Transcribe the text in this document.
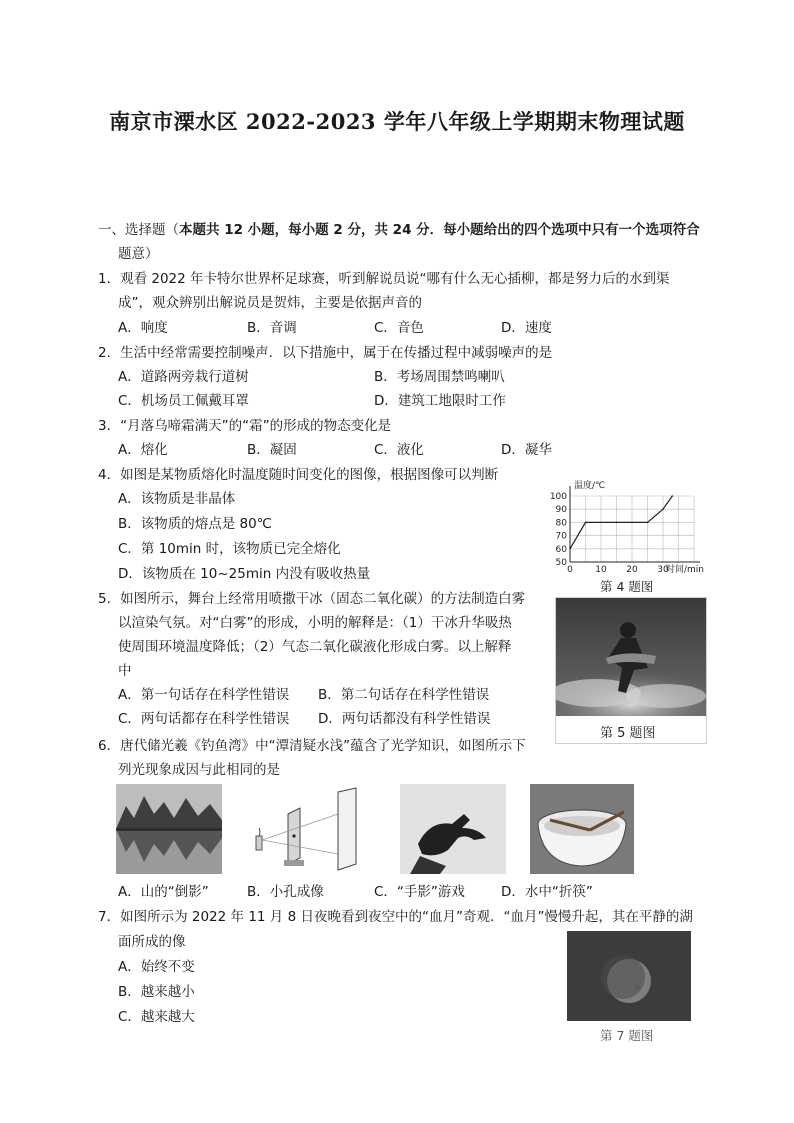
南京市溧水区 2022-2023 学年八年级上学期期末物理试题
一、选择题（本题共 12 小题，每小题 2 分，共 24 分．每小题给出的四个选项中只有一个选项符合
题意）
1．观看 2022 年卡特尔世界杯足球赛，听到解说员说“哪有什么无心插柳，都是努力后的水到渠
成”，观众辨别出解说员是贺炜，主要是依据声音的
A．响度	B．音调	C．音色	D．速度
2．生活中经常需要控制噪声．以下措施中，属于在传播过程中减弱噪声的是
A．道路两旁栽行道树	B．考场周围禁鸣喇叭
C．机场员工佩戴耳罩	D．建筑工地限时工作
3．“月落乌啼霜满天”的“霜”的形成的物态变化是
A．熔化	B．凝固	C．液化	D．凝华
4．如图是某物质熔化时温度随时间变化的图像，根据图像可以判断
A．该物质是非晶体
B．该物质的熔点是 80℃
C．第 10min 时，该物质已完全熔化
D．该物质在 10~25min 内没有吸收热量
50
60
70
80
90
100
0 10 20 30
温度/℃
时间/min
第 4 题图
5．如图所示，舞台上经常用喷撒干冰（固态二氧化碳）的方法制造白雾
以渲染气氛。对“白雾”的形成，小明的解释是：（1）干冰升华吸热
使周围环境温度降低；（2）气态二氧化碳液化形成白雾。以上解释
中
A．第一句话存在科学性错误 B．第二句话存在科学性错误
C．两句话都存在科学性错误 D．两句话都没有科学性错误
第 5 题图
6．唐代储光羲《钓鱼湾》中“潭清疑水浅”蕴含了光学知识，如图所示下
列光现象成因与此相同的是
A．山的“倒影”	B．小孔成像	C．“手影”游戏	D．水中“折筷”
7．如图所示为 2022 年 11 月 8 日夜晚看到夜空中的“血月”奇观．“血月”慢慢升起，其在平静的湖
面所成的像
A．始终不变
B．越来越小
C．越来越大
第 7 题图
